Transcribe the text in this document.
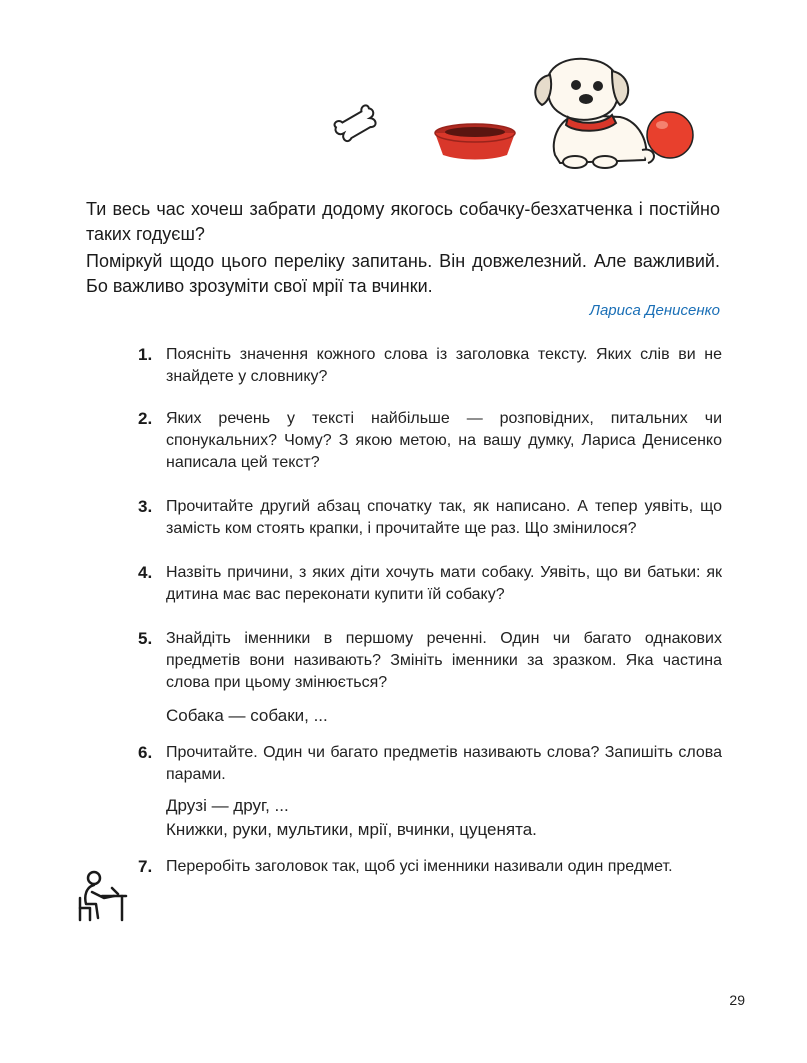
Ти весь час хочеш забрати додому якогось собачку-безхатченка і постійно таких годуєш?
Поміркуй щодо цього переліку запитань. Він довжелезний. Але важливий. Бо важливо зрозуміти свої мрії та вчинки.
Лариса Денисенко
1. Поясніть значення кожного слова із заголовка тексту. Яких слів ви не знайдете у словнику?
2. Яких речень у тексті найбільше — розповідних, питальних чи спонукальних? Чому? З якою метою, на вашу думку, Лариса Денисенко написала цей текст?
3. Прочитайте другий абзац спочатку так, як написано. А тепер уявіть, що замість ком стоять крапки, і прочитайте ще раз. Що змінилося?
4. Назвіть причини, з яких діти хочуть мати собаку. Уявіть, що ви батьки: як дитина має вас переконати купити їй собаку?
5. Знайдіть іменники в першому реченні. Один чи багато однакових предметів вони називають? Змініть іменники за зразком. Яка частина слова при цьому змінюється?
Собака — собаки, ...
6. Прочитайте. Один чи багато предметів називають слова? Запишіть слова парами.
Друзі — друг, ...
Книжки, руки, мультики, мрії, вчинки, цуценята.
7. Переробіть заголовок так, щоб усі іменники називали один предмет.
29
